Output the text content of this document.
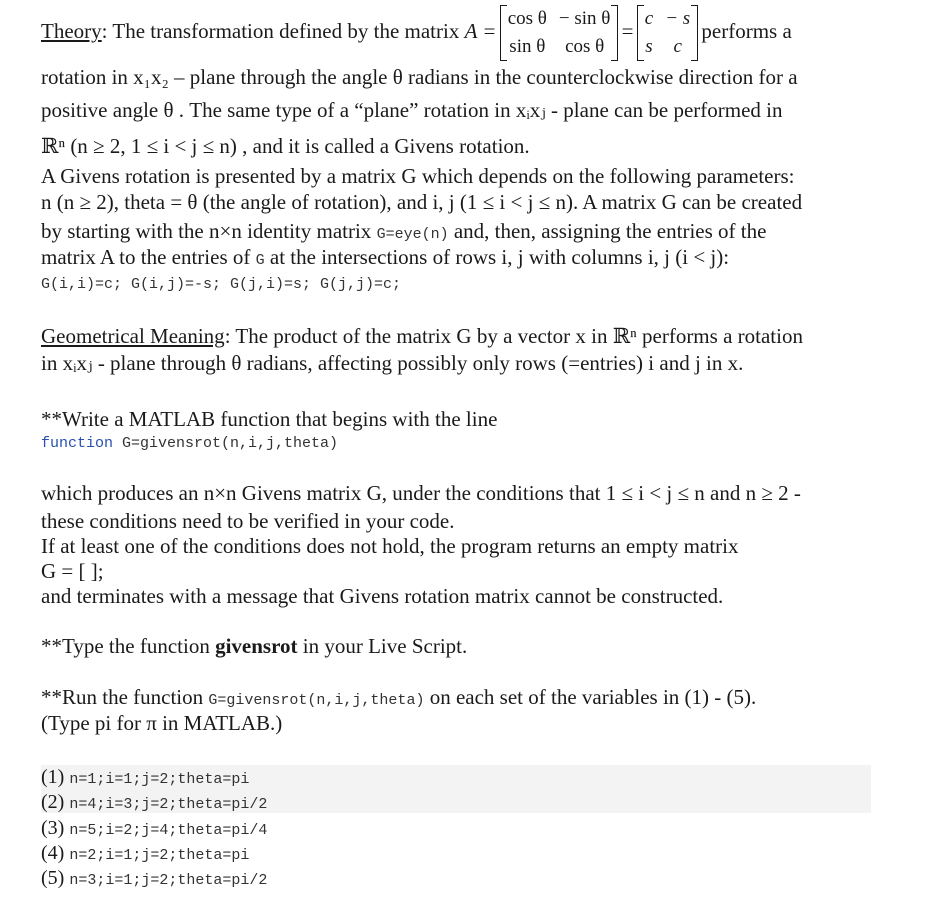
Theory: The transformation defined by the matrix A =
cos θ	− sin θ
sin θ	cos θ
=
c	− s
s	c
performs a
rotation in x₁x₂ – plane through the angle θ radians in the counterclockwise direction for a
positive angle θ . The same type of a “plane” rotation in xᵢxⱼ - plane can be performed in
ℝⁿ (n ≥ 2, 1 ≤ i < j ≤ n) , and it is called a Givens rotation.
A Givens rotation is presented by a matrix G which depends on the following parameters:
n (n ≥ 2), theta = θ (the angle of rotation), and i, j (1 ≤ i < j ≤ n). A matrix G can be created
by starting with the n×n identity matrix G=eye(n) and, then, assigning the entries of the
matrix A to the entries of G at the intersections of rows i, j with columns i, j (i < j):
G(i,i)=c; G(i,j)=-s; G(j,i)=s; G(j,j)=c;
Geometrical Meaning: The product of the matrix G by a vector x in ℝⁿ performs a rotation
in xᵢxⱼ - plane through θ radians, affecting possibly only rows (=entries) i and j in x.
**Write a MATLAB function that begins with the line
function G=givensrot(n,i,j,theta)
which produces an n×n Givens matrix G, under the conditions that 1 ≤ i < j ≤ n and n ≥ 2 -
these conditions need to be verified in your code.
If at least one of the conditions does not hold, the program returns an empty matrix
G = [ ];
and terminates with a message that Givens rotation matrix cannot be constructed.
**Type the function givensrot in your Live Script.
**Run the function G=givensrot(n,i,j,theta) on each set of the variables in (1) - (5).
(Type pi for π in MATLAB.)
(1) n=1;i=1;j=2;theta=pi
(2) n=4;i=3;j=2;theta=pi/2
(3) n=5;i=2;j=4;theta=pi/4
(4) n=2;i=1;j=2;theta=pi
(5) n=3;i=1;j=2;theta=pi/2
